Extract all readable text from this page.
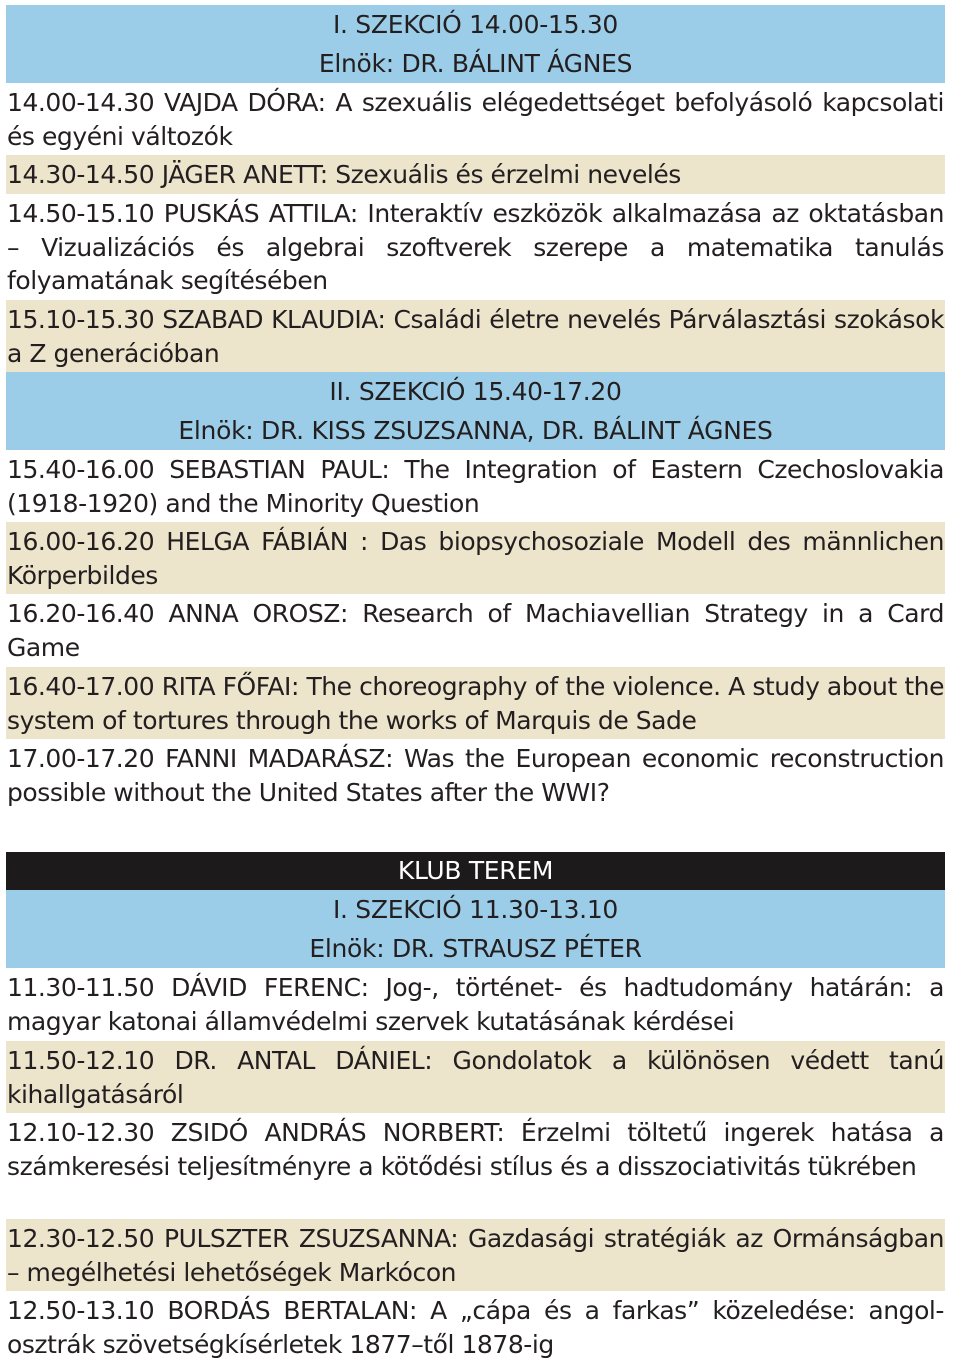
I. SZEKCIÓ 14.00-15.30
Elnök: DR. BÁLINT ÁGNES
14.00-14.30 VAJDA DÓRA: A szexuális elégedettséget befolyásoló kapcsolati és egyéni változók
14.30-14.50 JÄGER ANETT: Szexuális és érzelmi nevelés
14.50-15.10 PUSKÁS ATTILA: Interaktív eszközök alkalmazása az oktatásban – Vizualizációs és algebrai szoftverek szerepe a matematika tanulás folyamatának segítésében
15.10-15.30 SZABAD KLAUDIA: Családi életre nevelés Párválasztási szokások a Z generációban
II. SZEKCIÓ 15.40-17.20
Elnök: DR. KISS ZSUZSANNA, DR. BÁLINT ÁGNES
15.40-16.00 SEBASTIAN PAUL: The Integration of Eastern Czechoslovakia (1918-1920) and the Minority Question
16.00-16.20 HELGA FÁBIÁN : Das biopsychosoziale Modell des männlichen Körperbildes
16.20-16.40 ANNA OROSZ: Research of Machiavellian Strategy in a Card Game
16.40-17.00 RITA FŐFAI: The choreography of the violence. A study about the system of tortures through the works of Marquis de Sade
17.00-17.20 FANNI MADARÁSZ: Was the European economic reconstruction possible without the United States after the WWI?
KLUB TEREM
I. SZEKCIÓ 11.30-13.10
Elnök: DR. STRAUSZ PÉTER
11.30-11.50 DÁVID FERENC: Jog-, történet- és hadtudomány határán: a magyar katonai államvédelmi szervek kutatásának kérdései
11.50-12.10 DR. ANTAL DÁNIEL: Gondolatok a különösen védett tanú kihallgatásáról
12.10-12.30 ZSIDÓ ANDRÁS NORBERT: Érzelmi töltetű ingerek hatása a számkeresési teljesítményre a kötődési stílus és a disszociativitás tükrében
12.30-12.50 PULSZTER ZSUZSANNA: Gazdasági stratégiák az Ormánságban – megélhetési lehetőségek Markócon
12.50-13.10 BORDÁS BERTALAN: A „cápa és a farkas” közeledése: angol-osztrák szövetségkísérletek 1877–től 1878-ig
